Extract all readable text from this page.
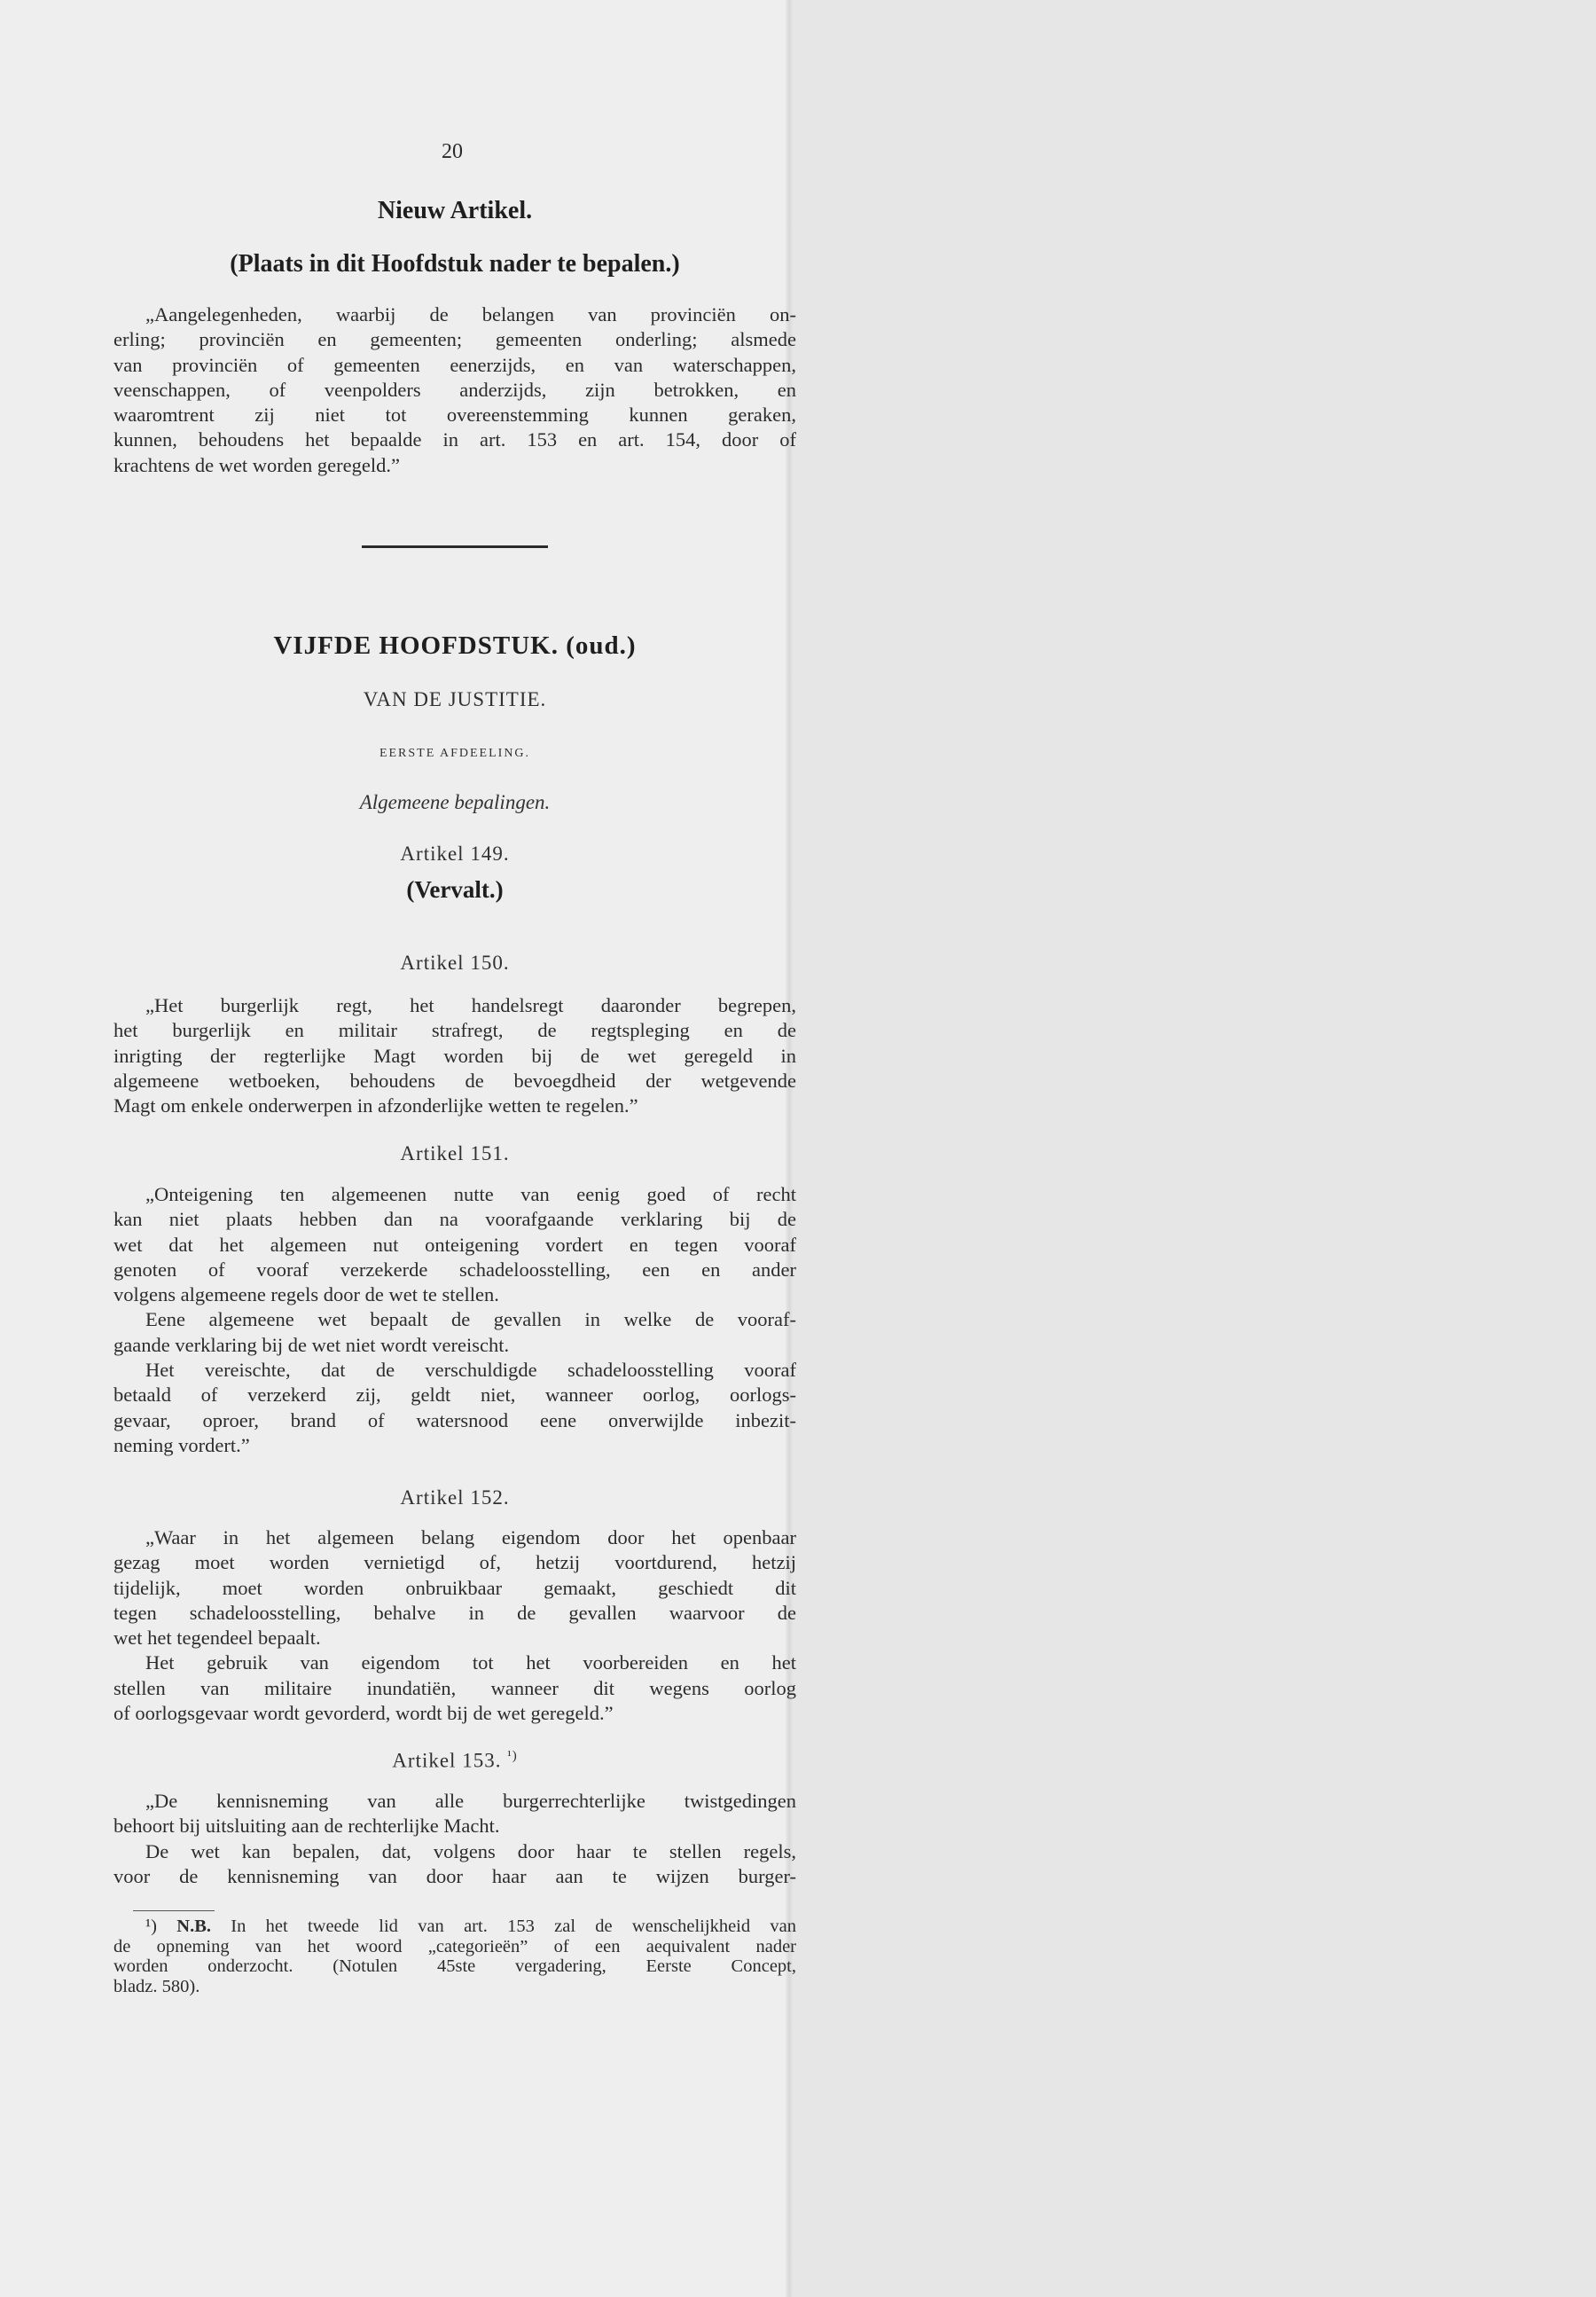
20
Nieuw Artikel.
(Plaats in dit Hoofdstuk nader te bepalen.)

„Aangelegenheden, waarbij de belangen van provinciën on-

erling; provinciën en gemeenten; gemeenten onderling; alsmede

van provinciën of gemeenten eenerzijds, en van waterschappen,

veenschappen, of veenpolders anderzijds, zijn betrokken, en

waaromtrent zij niet tot overeenstemming kunnen geraken,

kunnen, behoudens het bepaalde in art. 153 en art. 154, door of

krachtens de wet worden geregeld.”

VIJFDE HOOFDSTUK. (oud.)
VAN DE JUSTITIE.
EERSTE AFDEELING.
Algemeene bepalingen.
Artikel 149.
(Vervalt.)
Artikel 150.

„Het burgerlijk regt, het handelsregt daaronder begrepen,

het burgerlijk en militair strafregt, de regtspleging en de

inrigting der regterlijke Magt worden bij de wet geregeld in

algemeene wetboeken, behoudens de bevoegdheid der wetgevende

Magt om enkele onderwerpen in afzonderlijke wetten te regelen.”

Artikel 151.

„Onteigening ten algemeenen nutte van eenig goed of recht

kan niet plaats hebben dan na voorafgaande verklaring bij de

wet dat het algemeen nut onteigening vordert en tegen vooraf

genoten of vooraf verzekerde schadeloosstelling, een en ander

volgens algemeene regels door de wet te stellen.

Eene algemeene wet bepaalt de gevallen in welke de vooraf-

gaande verklaring bij de wet niet wordt vereischt.

Het vereischte, dat de verschuldigde schadeloosstelling vooraf

betaald of verzekerd zij, geldt niet, wanneer oorlog, oorlogs-

gevaar, oproer, brand of watersnood eene onverwijlde inbezit-

neming vordert.”

Artikel 152.

„Waar in het algemeen belang eigendom door het openbaar

gezag moet worden vernietigd of, hetzij voortdurend, hetzij

tijdelijk, moet worden onbruikbaar gemaakt, geschiedt dit

tegen schadeloosstelling, behalve in de gevallen waarvoor de

wet het tegendeel bepaalt.

Het gebruik van eigendom tot het voorbereiden en het

stellen van militaire inundatiën, wanneer dit wegens oorlog

of oorlogsgevaar wordt gevorderd, wordt bij de wet geregeld.”

Artikel 153. $^{^1)}$

„De kennisneming van alle burgerrechterlijke twistgedingen

behoort bij uitsluiting aan de rechterlijke Macht.

De wet kan bepalen, dat, volgens door haar te stellen regels,

voor de kennisneming van door haar aan te wijzen burger-

¹) N.B. In het tweede lid van art. 153 zal de wenschelijkheid van

de opneming van het woord „categorieën” of een aequivalent nader

worden onderzocht. (Notulen 45ste vergadering, Eerste Concept,

bladz. 580).
